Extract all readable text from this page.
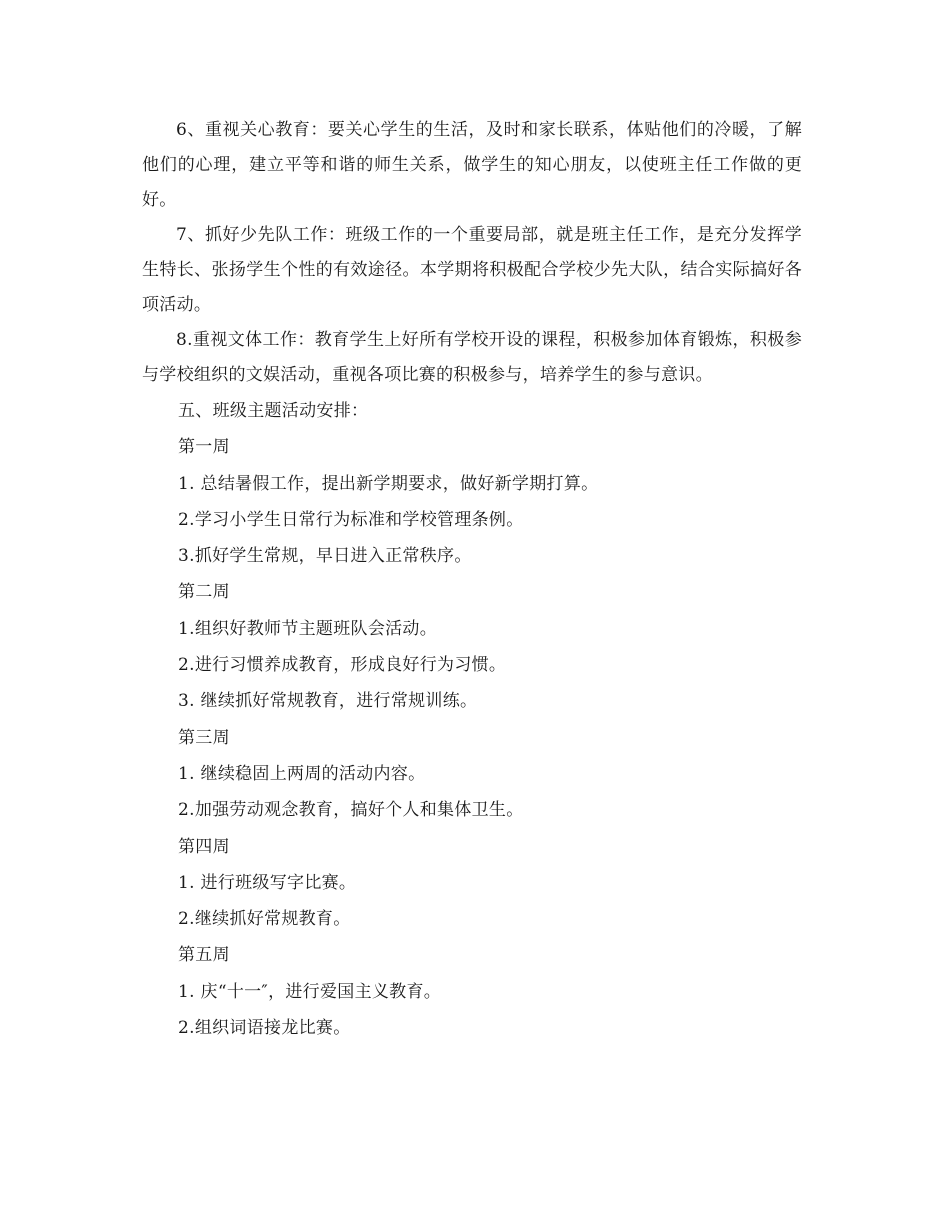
6、重视关心教育：要关心学生的生活，及时和家长联系，体贴他们的冷暖，了解他们的心理，建立平等和谐的师生关系，做学生的知心朋友，以使班主任工作做的更好。

7、抓好少先队工作：班级工作的一个重要局部，就是班主任工作，是充分发挥学生特长、张扬学生个性的有效途径。本学期将积极配合学校少先大队，结合实际搞好各项活动。

8.重视文体工作：教育学生上好所有学校开设的课程，积极参加体育锻炼，积极参与学校组织的文娱活动，重视各项比赛的积极参与，培养学生的参与意识。

五、班级主题活动安排：

第一周

1. 总结暑假工作，提出新学期要求，做好新学期打算。

2.学习小学生日常行为标准和学校管理条例。

3.抓好学生常规，早日进入正常秩序。

第二周

1.组织好教师节主题班队会活动。

2.进行习惯养成教育，形成良好行为习惯。

3. 继续抓好常规教育，进行常规训练。

第三周

1. 继续稳固上两周的活动内容。

2.加强劳动观念教育，搞好个人和集体卫生。

第四周

1. 进行班级写字比赛。

2.继续抓好常规教育。

第五周

1. 庆“十一″，进行爱国主义教育。

2.组织词语接龙比赛。
